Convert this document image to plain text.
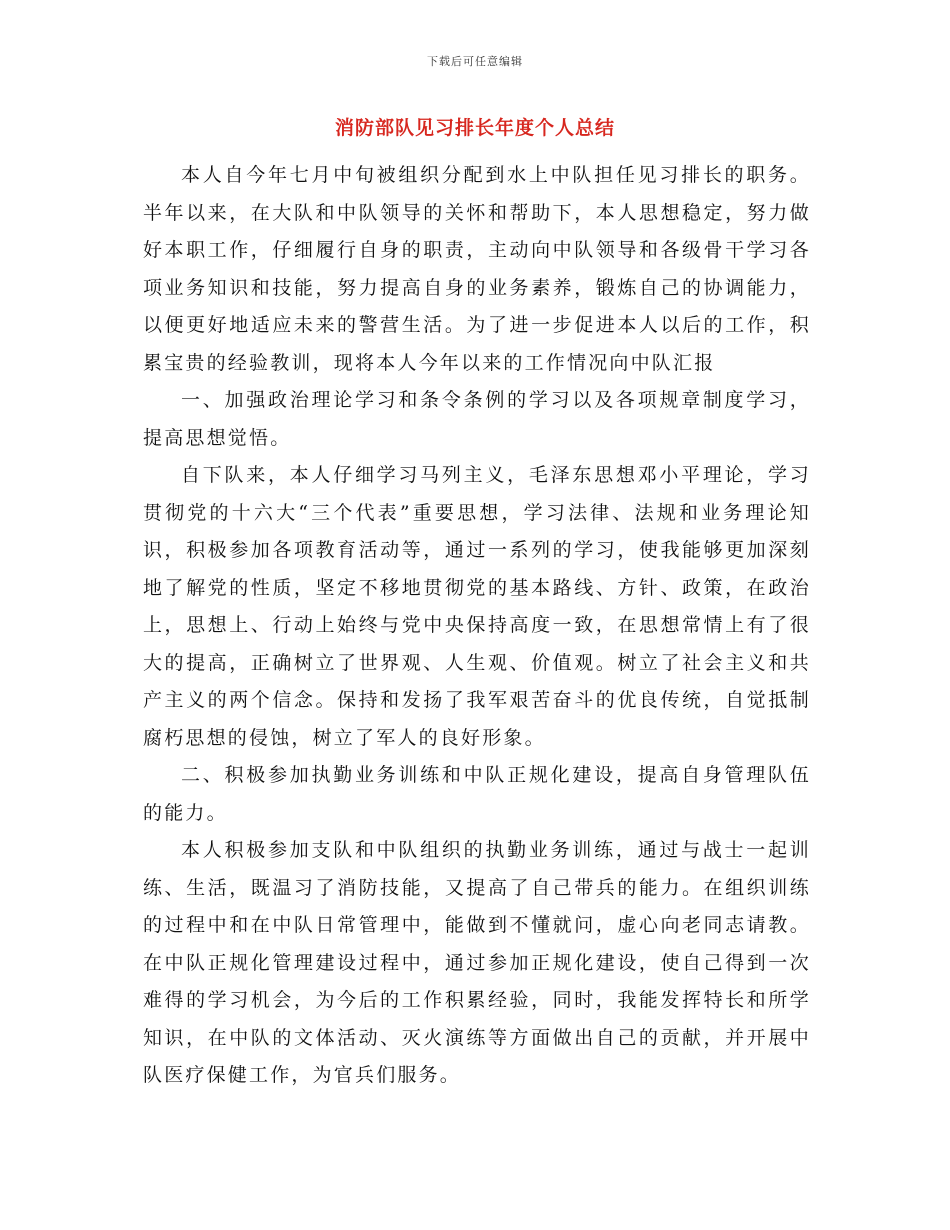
下载后可任意编辑
消防部队见习排长年度个人总结

本人自今年七月中旬被组织分配到水上中队担任见习排长的职务。半年以来，在大队和中队领导的关怀和帮助下，本人思想稳定，努力做好本职工作，仔细履行自身的职责，主动向中队领导和各级骨干学习各项业务知识和技能，努力提高自身的业务素养，锻炼自己的协调能力，以便更好地适应未来的警营生活。为了进一步促进本人以后的工作，积累宝贵的经验教训，现将本人今年以来的工作情况向中队汇报

一、加强政治理论学习和条令条例的学习以及各项规章制度学习，提高思想觉悟。

自下队来，本人仔细学习马列主义，毛泽东思想邓小平理论，学习贯彻党的十六大“三个代表”重要思想，学习法律、法规和业务理论知识，积极参加各项教育活动等，通过一系列的学习，使我能够更加深刻地了解党的性质，坚定不移地贯彻党的基本路线、方针、政策，在政治上，思想上、行动上始终与党中央保持高度一致，在思想常情上有了很大的提高，正确树立了世界观、人生观、价值观。树立了社会主义和共产主义的两个信念。保持和发扬了我军艰苦奋斗的优良传统，自觉抵制腐朽思想的侵蚀，树立了军人的良好形象。

二、积极参加执勤业务训练和中队正规化建设，提高自身管理队伍的能力。

本人积极参加支队和中队组织的执勤业务训练，通过与战士一起训练、生活，既温习了消防技能，又提高了自己带兵的能力。在组织训练的过程中和在中队日常管理中，能做到不懂就问，虚心向老同志请教。在中队正规化管理建设过程中，通过参加正规化建设，使自己得到一次难得的学习机会，为今后的工作积累经验，同时，我能发挥特长和所学知识，在中队的文体活动、灭火演练等方面做出自己的贡献，并开展中队医疗保健工作，为官兵们服务。
